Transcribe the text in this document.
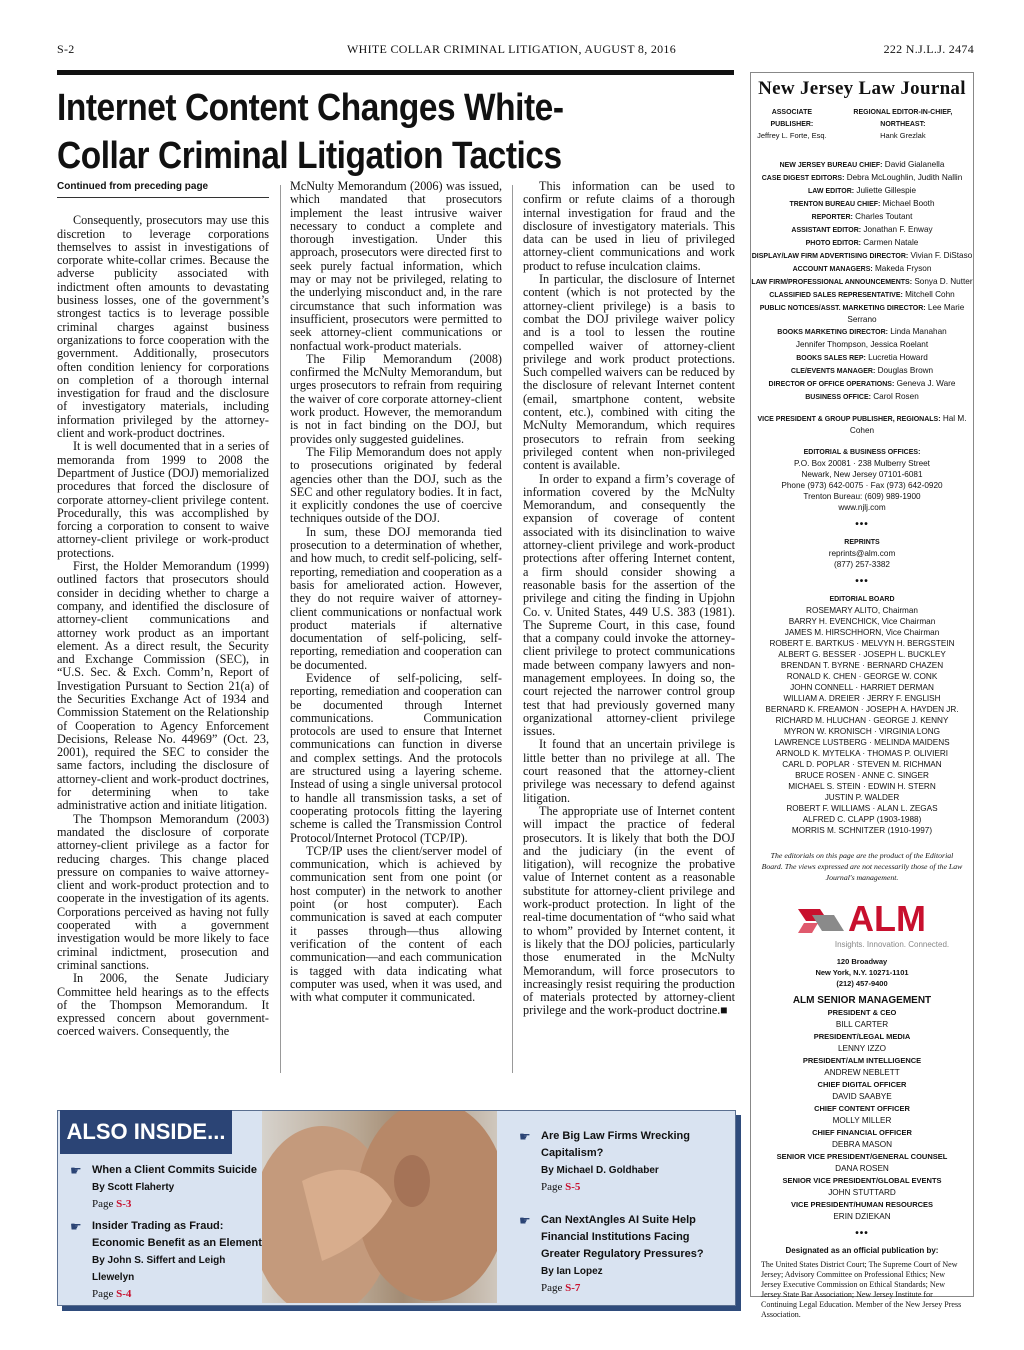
S-2	WHITE COLLAR CRIMINAL LITIGATION, AUGUST 8, 2016	222 N.J.L.J. 2474
Internet Content Changes White-Collar Criminal Litigation Tactics

Continued from preceding page

Consequently, prosecutors may use this discretion to leverage corporations themselves to assist in investigations of corporate white-collar crimes. Because the adverse publicity associated with indictment often amounts to devastating business losses, one of the government’s strongest tactics is to leverage possible criminal charges against business organizations to force cooperation with the government. Additionally, prosecutors often condition leniency for corporations on completion of a thorough internal investigation for fraud and the disclosure of investigatory materials, including information privileged by the attorney-client and work-product doctrines.

It is well documented that in a series of memoranda from 1999 to 2008 the Department of Justice (DOJ) memorialized procedures that forced the disclosure of corporate attorney-client privilege content. Procedurally, this was accomplished by forcing a corporation to consent to waive attorney-client privilege or work-product protections.

First, the Holder Memorandum (1999) outlined factors that prosecutors should consider in deciding whether to charge a company, and identified the disclosure of attorney-client communications and attorney work product as an important element. As a direct result, the Security and Exchange Commission (SEC), in “U.S. Sec. & Exch. Comm’n, Report of Investigation Pursuant to Section 21(a) of the Securities Exchange Act of 1934 and Commission Statement on the Relationship of Cooperation to Agency Enforcement Decisions, Release No. 44969” (Oct. 23, 2001), required the SEC to consider the same factors, including the disclosure of attorney-client and work-product doctrines, for determining when to take administrative action and initiate litigation.

The Thompson Memorandum (2003) mandated the disclosure of corporate attorney-client privilege as a factor for reducing charges. This change placed pressure on companies to waive attorney-client and work-product protection and to cooperate in the investigation of its agents. Corporations perceived as having not fully cooperated with a government investigation would be more likely to face criminal indictment, prosecution and criminal sanctions.

In 2006, the Senate Judiciary Committee held hearings as to the effects of the Thompson Memorandum. It expressed concern about government-coerced waivers. Consequently, the

McNulty Memorandum (2006) was issued, which mandated that prosecutors implement the least intrusive waiver necessary to conduct a complete and thorough investigation. Under this approach, prosecutors were directed first to seek purely factual information, which may or may not be privileged, relating to the underlying misconduct and, in the rare circumstance that such information was insufficient, prosecutors were permitted to seek attorney-client communications or nonfactual work-product materials.

The Filip Memorandum (2008) confirmed the McNulty Memorandum, but urges prosecutors to refrain from requiring the waiver of core corporate attorney-client work product. However, the memorandum is not in fact binding on the DOJ, but provides only suggested guidelines.

The Filip Memorandum does not apply to prosecutions originated by federal agencies other than the DOJ, such as the SEC and other regulatory bodies. It in fact, it explicitly condones the use of coercive techniques outside of the DOJ.

In sum, these DOJ memoranda tied prosecution to a determination of whether, and how much, to credit self-policing, self-reporting, remediation and cooperation as a basis for ameliorated action. However, they do not require waiver of attorney-client communications or nonfactual work product materials if alternative documentation of self-policing, self-reporting, remediation and cooperation can be documented.

Evidence of self-policing, self-reporting, remediation and cooperation can be documented through Internet communications. Communication protocols are used to ensure that Internet communications can function in diverse and complex settings. And the protocols are structured using a layering scheme. Instead of using a single universal protocol to handle all transmission tasks, a set of cooperating protocols fitting the layering scheme is called the Transmission Control Protocol/Internet Protocol (TCP/IP).

TCP/IP uses the client/server model of communication, which is achieved by communication sent from one point (or host computer) in the network to another point (or host computer). Each communication is saved at each computer it passes through—thus allowing verification of the content of each communication—and each communication is tagged with data indicating what computer was used, when it was used, and with what computer it communicated.

This information can be used to confirm or refute claims of a thorough internal investigation for fraud and the disclosure of investigatory materials. This data can be used in lieu of privileged attorney-client communications and work product to refuse inculcation claims.

In particular, the disclosure of Internet content (which is not protected by the attorney-client privilege) is a basis to combat the DOJ privilege waiver policy and is a tool to lessen the routine compelled waiver of attorney-client privilege and work product protections. Such compelled waivers can be reduced by the disclosure of relevant Internet content (email, smartphone content, website content, etc.), combined with citing the McNulty Memorandum, which requires prosecutors to refrain from seeking privileged content when non-privileged content is available.

In order to expand a firm’s coverage of information covered by the McNulty Memorandum, and consequently the expansion of coverage of content associated with its disinclination to waive attorney-client privilege and work-product protections after offering Internet content, a firm should consider showing a reasonable basis for the assertion of the privilege and citing the finding in Upjohn Co. v. United States, 449 U.S. 383 (1981). The Supreme Court, in this case, found that a company could invoke the attorney-client privilege to protect communications made between company lawyers and non-management employees. In doing so, the court rejected the narrower control group test that had previously governed many organizational attorney-client privilege issues.

It found that an uncertain privilege is little better than no privilege at all. The court reasoned that the attorney-client privilege was necessary to defend against litigation.

The appropriate use of Internet content will impact the practice of federal prosecutors. It is likely that both the DOJ and the judiciary (in the event of litigation), will recognize the probative value of Internet content as a reasonable substitute for attorney-client privilege and work-product protection. In light of the real-time documentation of “who said what to whom” provided by Internet content, it is likely that the DOJ policies, particularly those enumerated in the McNulty Memorandum, will force prosecutors to increasingly resist requiring the production of materials protected by attorney-client privilege and the work-product doctrine.■

New Jersey Law Journal
ASSOCIATE PUBLISHER:
Jeffrey L. Forte, Esq.
REGIONAL EDITOR-IN-CHIEF, NORTHEAST:
Hank Grezlak
NEW JERSEY BUREAU CHIEF: David Gialanella
CASE DIGEST EDITORS: Debra McLoughlin, Judith Nallin
LAW EDITOR: Juliette Gillespie
TRENTON BUREAU CHIEF: Michael Booth
REPORTER: Charles Toutant
ASSISTANT EDITOR: Jonathan F. Enway
PHOTO EDITOR: Carmen Natale
DISPLAY/LAW FIRM ADVERTISING DIRECTOR: Vivian F. DiStaso
ACCOUNT MANAGERS: Makeda Fryson
LAW FIRM/PROFESSIONAL ANNOUNCEMENTS: Sonya D. Nutter
CLASSIFIED SALES REPRESENTATIVE: Mitchell Cohn
PUBLIC NOTICES/ASST. MARKETING DIRECTOR: Lee Marie Serrano
BOOKS MARKETING DIRECTOR: Linda Manahan
Jennifer Thompson, Jessica Roelant
BOOKS SALES REP: Lucretia Howard
CLE/EVENTS MANAGER: Douglas Brown
DIRECTOR OF OFFICE OPERATIONS: Geneva J. Ware
BUSINESS OFFICE: Carol Rosen
VICE PRESIDENT & GROUP PUBLISHER, REGIONALS: Hal M. Cohen
EDITORIAL & BUSINESS OFFICES:
P.O. Box 20081 · 238 Mulberry Street
Newark, New Jersey 07101-6081
Phone (973) 642-0075 · Fax (973) 642-0920
Trenton Bureau: (609) 989-1900
www.njlj.com
•••
REPRINTS
reprints@alm.com
(877) 257-3382
•••
EDITORIAL BOARD
ROSEMARY ALITO, Chairman
BARRY H. EVENCHICK, Vice Chairman
JAMES M. HIRSCHHORN, Vice Chairman
ROBERT E. BARTKUS · MELVYN H. BERGSTEIN
ALBERT G. BESSER · JOSEPH L. BUCKLEY
BRENDAN T. BYRNE · BERNARD CHAZEN
RONALD K. CHEN · GEORGE W. CONK
JOHN CONNELL · HARRIET DERMAN
WILLIAM A. DREIER · JERRY F. ENGLISH
BERNARD K. FREAMON · JOSEPH A. HAYDEN JR.
RICHARD M. HLUCHAN · GEORGE J. KENNY
MYRON W. KRONISCH · VIRGINIA LONG
LAWRENCE LUSTBERG · MELINDA MAIDENS
ARNOLD K. MYTELKA · THOMAS P. OLIVIERI
CARL D. POPLAR · STEVEN M. RICHMAN
BRUCE ROSEN · ANNE C. SINGER
MICHAEL S. STEIN · EDWIN H. STERN
JUSTIN P. WALDER
ROBERT F. WILLIAMS · ALAN L. ZEGAS
ALFRED C. CLAPP (1903-1988)
MORRIS M. SCHNITZER (1910-1997)
The editorials on this page are the product of the Editorial Board. The views expressed are not necessarily those of the Law Journal's management.
ALM
Insights. Innovation. Connected.
120 Broadway
New York, N.Y. 10271-1101
(212) 457-9400
ALM SENIOR MANAGEMENT
PRESIDENT & CEO
BILL CARTER
PRESIDENT/LEGAL MEDIA
LENNY IZZO
PRESIDENT/ALM INTELLIGENCE
ANDREW NEBLETT
CHIEF DIGITAL OFFICER
DAVID SAABYE
CHIEF CONTENT OFFICER
MOLLY MILLER
CHIEF FINANCIAL OFFICER
DEBRA MASON
SENIOR VICE PRESIDENT/GENERAL COUNSEL
DANA ROSEN
SENIOR VICE PRESIDENT/GLOBAL EVENTS
JOHN STUTTARD
VICE PRESIDENT/HUMAN RESOURCES
ERIN DZIEKAN
•••
Designated as an official publication by:
The United States District Court; The Supreme Court of New Jersey; Advisory Committee on Professional Ethics; New Jersey Executive Commission on Ethical Standards; New Jersey State Bar Association; New Jersey Institute for Continuing Legal Education. Member of the New Jersey Press Association.
ALSO INSIDE...
☛ When a Client Commits Suicide
By Scott Flaherty
Page S-3
☛ Insider Trading as Fraud: Economic Benefit as an Element
By John S. Siffert and Leigh Llewelyn
Page S-4
☛ Are Big Law Firms Wrecking Capitalism?
By Michael D. Goldhaber
Page S-5
☛ Can NextAngles AI Suite Help Financial Institutions Facing Greater Regulatory Pressures?
By Ian Lopez
Page S-7
